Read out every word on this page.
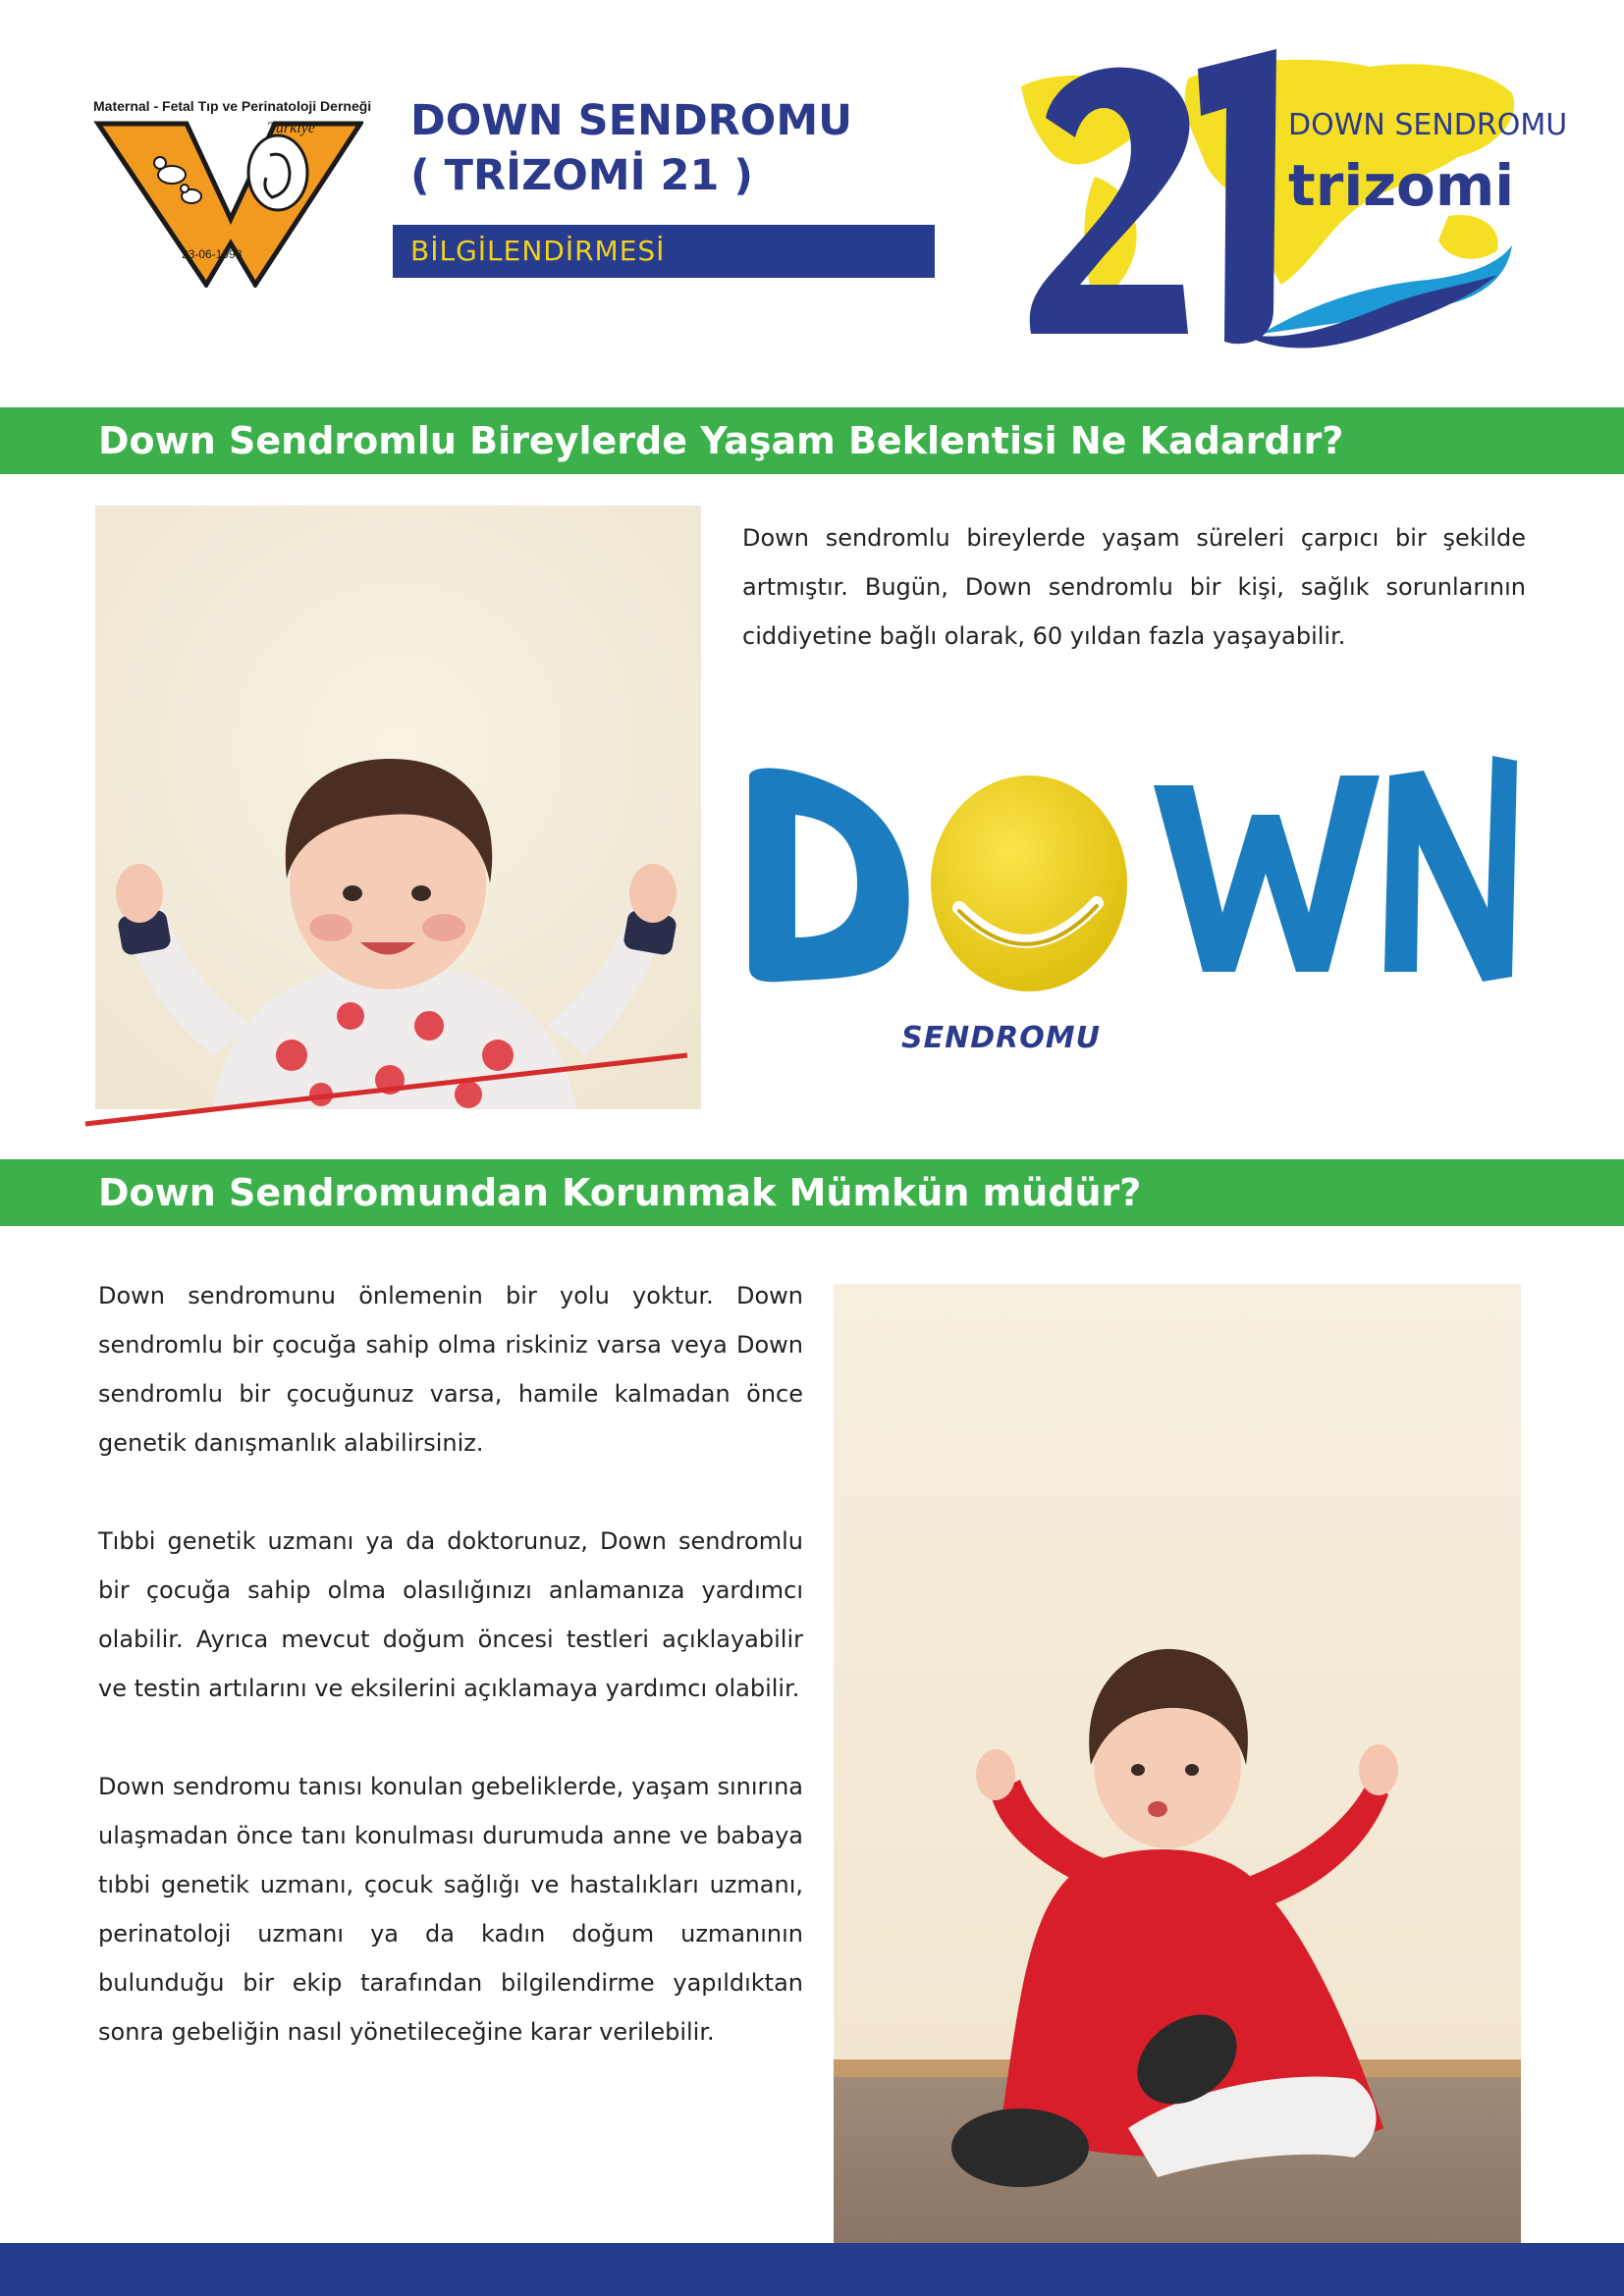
Maternal - Fetal Tıp ve Perinatoloji Derneği
Türkiye
23-06-1998
DOWN SENDROMU
( TRİZOMİ 21 )
BİLGİLENDİRMESİ
DOWN SENDROMU
trizomi
Down Sendromlu Bireylerde Yaşam Beklentisi Ne Kadardır?

Down sendromlu bireylerde yaşam süreleri çarpıcı bir şekilde artmıştır. Bugün, Down sendromlu bir kişi, sağlık sorunlarının ciddiyetine bağlı olarak, 60 yıldan fazla yaşayabilir.

SENDROMU
Down Sendromundan Korunmak Mümkün müdür?

Down sendromunu önlemenin bir yolu yoktur. Down sendromlu bir çocuğa sahip olma riskiniz varsa veya Down sendromlu bir çocuğunuz varsa, hamile kalmadan önce genetik danışmanlık alabilirsiniz.

Tıbbi genetik uzmanı ya da doktorunuz, Down sendromlu bir çocuğa sahip olma olasılığınızı anlamanıza yardımcı olabilir. Ayrıca mevcut doğum öncesi testleri açıklayabilir ve testin artılarını ve eksilerini açıklamaya yardımcı olabilir.

Down sendromu tanısı konulan gebeliklerde, yaşam sınırına ulaşmadan önce tanı konulması durumuda anne ve babaya tıbbi genetik uzmanı, çocuk sağlığı ve hastalıkları uzmanı, perinatoloji uzmanı ya da kadın doğum uzmanının bulunduğu bir ekip tarafından bilgilendirme yapıldıktan sonra gebeliğin nasıl yönetileceğine karar verilebilir.
